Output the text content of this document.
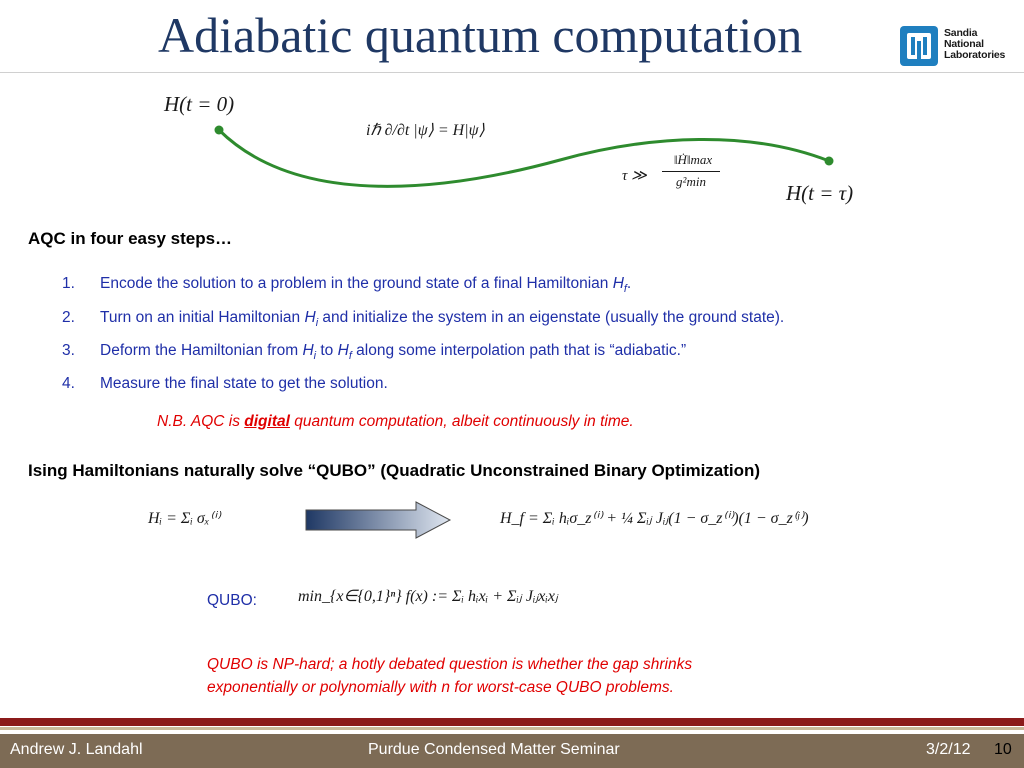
Adiabatic quantum computation	Sandia
National
Laboratories
H(t = 0)
H(t = τ)
iℏ ∂/∂t |ψ⟩ = H|ψ⟩
τ ≫
‖Ḣ‖max
g²min
AQC in four easy steps…
1. Encode the solution to a problem in the ground state of a final Hamiltonian $H_f$.
2. Turn on an initial Hamiltonian $H_i$ and initialize the system in an eigenstate (usually the ground state).
3. Deform the Hamiltonian from $H_i$ to $H_f$ along some interpolation path that is “adiabatic.”
4. Measure the final state to get the solution.
N.B. AQC is digital quantum computation, albeit continuously in time.
Ising Hamiltonians naturally solve “QUBO” (Quadratic Unconstrained Binary Optimization)
Hᵢ = Σᵢ σₓ⁽ⁱ⁾	H_f = Σᵢ hᵢσ_z⁽ⁱ⁾ + ¼ Σᵢⱼ Jᵢⱼ(1 − σ_z⁽ⁱ⁾)(1 − σ_z⁽ʲ⁾)
QUBO:	min_{x∈{0,1}ⁿ} f(x) := Σᵢ hᵢxᵢ + Σᵢⱼ Jᵢⱼxᵢxⱼ
QUBO is NP-hard; a hotly debated question is whether the gap shrinks
exponentially or polynomially with n for worst-case QUBO problems.
Andrew J. Landahl	Purdue Condensed Matter Seminar	3/2/12 10
